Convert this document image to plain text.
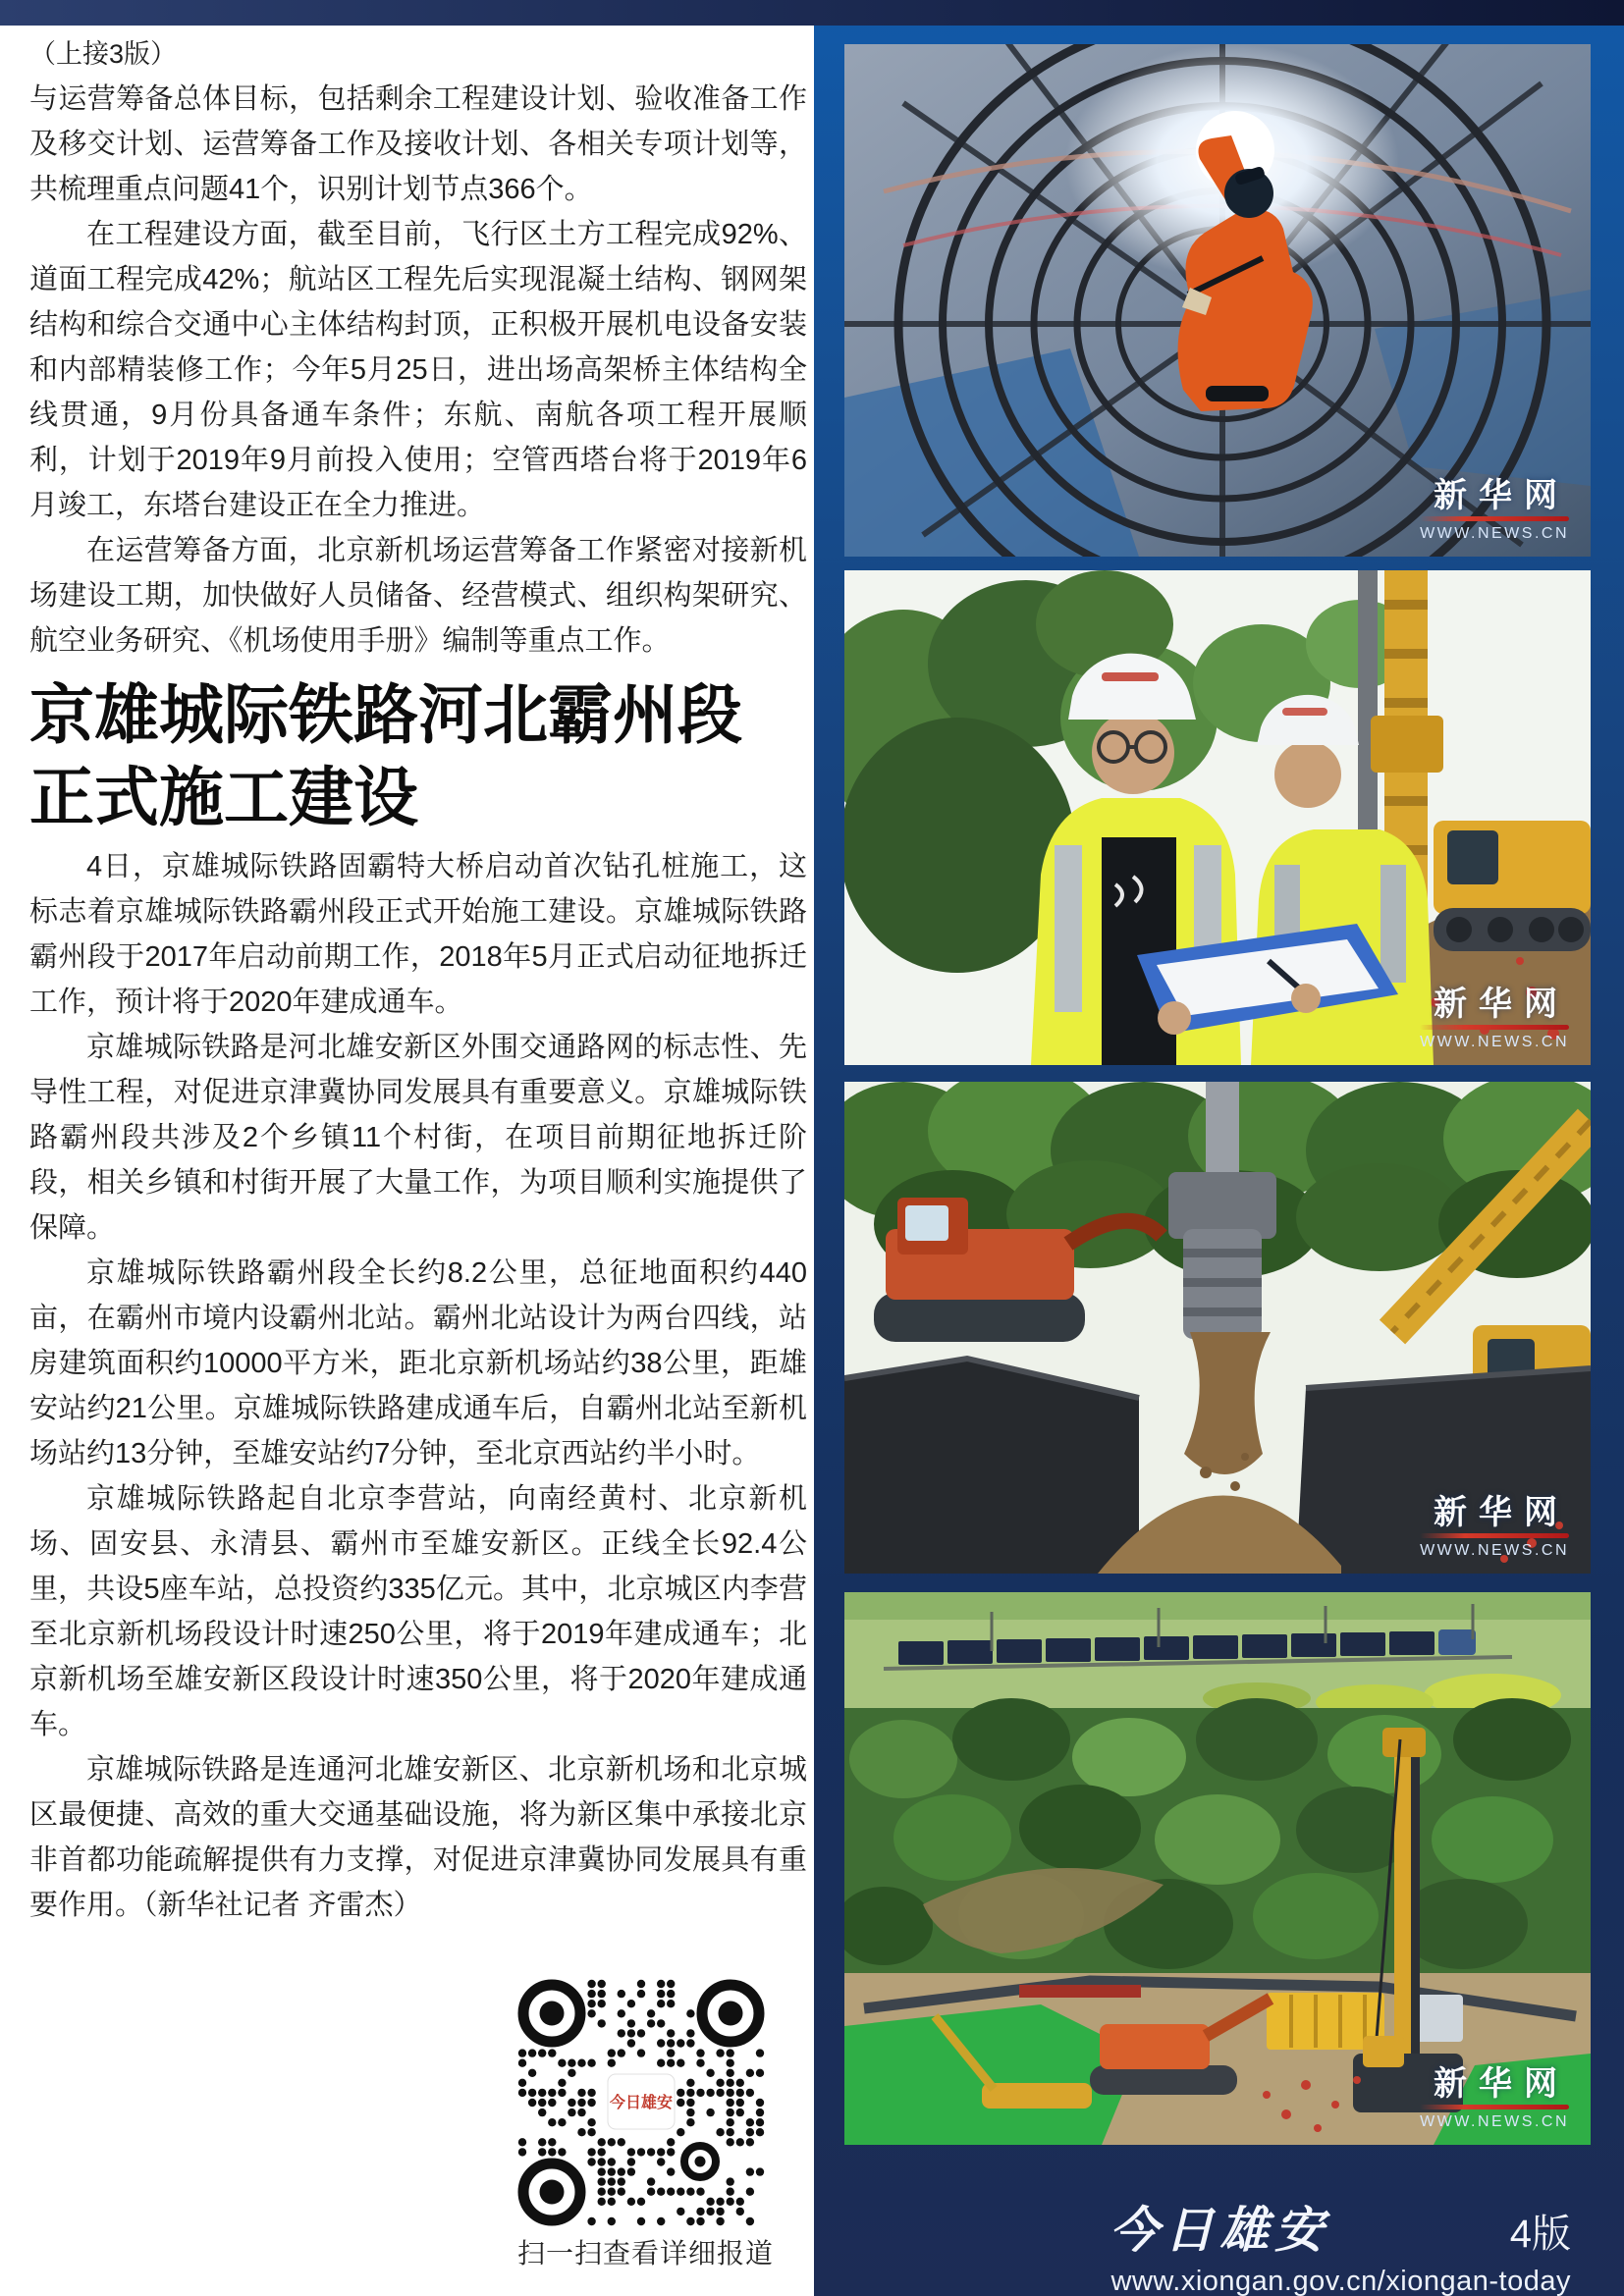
（上接3版）

与运营筹备总体目标，包括剩余工程建设计划、验收准备工作及移交计划、运营筹备工作及接收计划、各相关专项计划等，共梳理重点问题41个，识别计划节点366个。

在工程建设方面，截至目前，飞行区土方工程完成92%、道面工程完成42%；航站区工程先后实现混凝土结构、钢网架结构和综合交通中心主体结构封顶，正积极开展机电设备安装和内部精装修工作；今年5月25日，进出场高架桥主体结构全线贯通，9月份具备通车条件；东航、南航各项工程开展顺利，计划于2019年9月前投入使用；空管西塔台将于2019年6月竣工，东塔台建设正在全力推进。

在运营筹备方面，北京新机场运营筹备工作紧密对接新机场建设工期，加快做好人员储备、经营模式、组织构架研究、航空业务研究、《机场使用手册》编制等重点工作。

京雄城际铁路河北霸州段
正式施工建设

4日，京雄城际铁路固霸特大桥启动首次钻孔桩施工，这标志着京雄城际铁路霸州段正式开始施工建设。京雄城际铁路霸州段于2017年启动前期工作，2018年5月正式启动征地拆迁工作，预计将于2020年建成通车。

京雄城际铁路是河北雄安新区外围交通路网的标志性、先导性工程，对促进京津冀协同发展具有重要意义。京雄城际铁路霸州段共涉及2个乡镇11个村街，在项目前期征地拆迁阶段，相关乡镇和村街开展了大量工作，为项目顺利实施提供了保障。

京雄城际铁路霸州段全长约8.2公里，总征地面积约440亩，在霸州市境内设霸州北站。霸州北站设计为两台四线，站房建筑面积约10000平方米，距北京新机场站约38公里，距雄安站约21公里。京雄城际铁路建成通车后，自霸州北站至新机场站约13分钟，至雄安站约7分钟，至北京西站约半小时。

京雄城际铁路起自北京李营站，向南经黄村、北京新机场、固安县、永清县、霸州市至雄安新区。正线全长92.4公里，共设5座车站，总投资约335亿元。其中，北京城区内李营至北京新机场段设计时速250公里，将于2019年建成通车；北京新机场至雄安新区段设计时速350公里，将于2020年建成通车。

京雄城际铁路是连通河北雄安新区、北京新机场和北京城区最便捷、高效的重大交通基础设施，将为新区集中承接北京非首都功能疏解提供有力支撑，对促进京津冀协同发展具有重要作用。（新华社记者 齐雷杰）

今日雄安
扫一扫查看详细报道
新华网
WWW.NEWS.CN
新华网
WWW.NEWS.CN
新华网
WWW.NEWS.CN
新华网
WWW.NEWS.CN
今日雄安	4版
www.xiongan.gov.cn/xiongan-today
